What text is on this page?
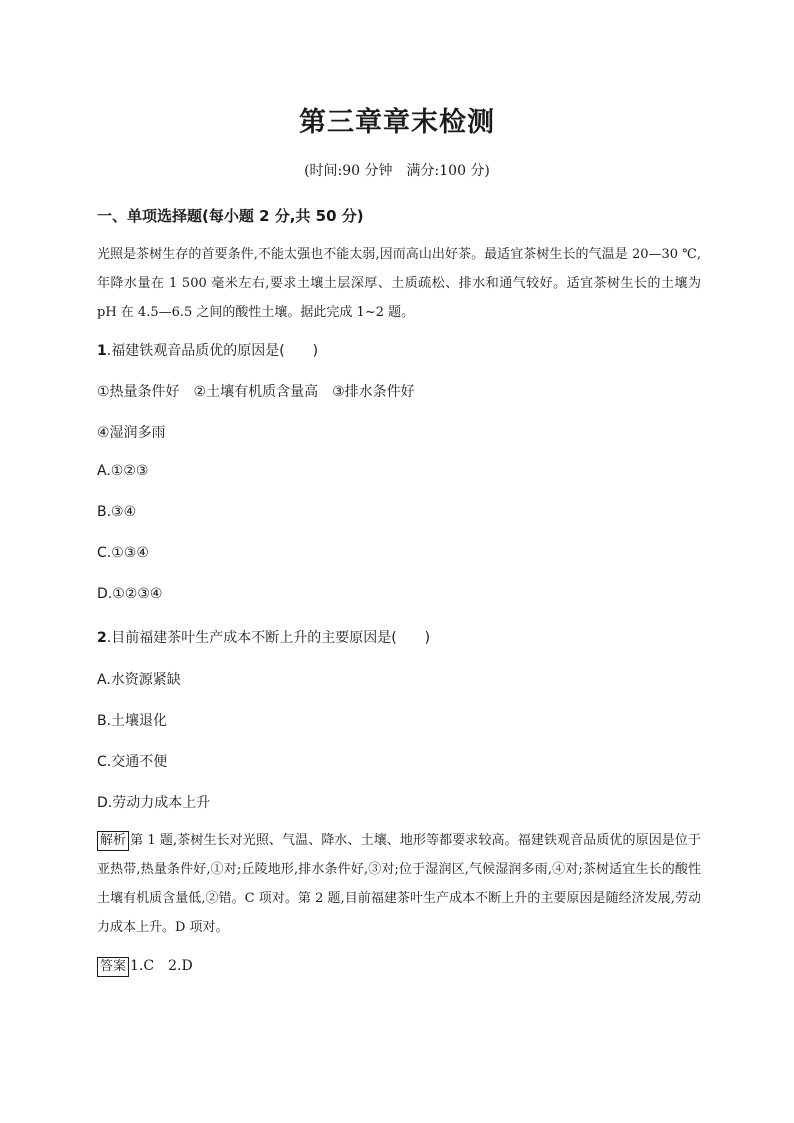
第三章章末检测
(时间:90 分钟　满分:100 分)
一、单项选择题(每小题 2 分,共 50 分)
光照是茶树生存的首要条件,不能太强也不能太弱,因而高山出好茶。最适宜茶树生长的气温是 20—30 ℃,年降水量在 1 500 毫米左右,要求土壤土层深厚、土质疏松、排水和通气较好。适宜茶树生长的土壤为 pH 在 4.5—6.5 之间的酸性土壤。据此完成 1~2 题。
1.福建铁观音品质优的原因是(　　)
①热量条件好　②土壤有机质含量高　③排水条件好
④湿润多雨
A.①②③
B.③④
C.①③④
D.①②③④
2.目前福建茶叶生产成本不断上升的主要原因是(　　)
A.水资源紧缺
B.土壤退化
C.交通不便
D.劳动力成本上升
解析 第 1 题,茶树生长对光照、气温、降水、土壤、地形等都要求较高。福建铁观音品质优的原因是位于亚热带,热量条件好,①对;丘陵地形,排水条件好,③对;位于湿润区,气候湿润多雨,④对;茶树适宜生长的酸性土壤有机质含量低,②错。C 项对。第 2 题,目前福建茶叶生产成本不断上升的主要原因是随经济发展,劳动力成本上升。D 项对。
答案 1.C　2.D
